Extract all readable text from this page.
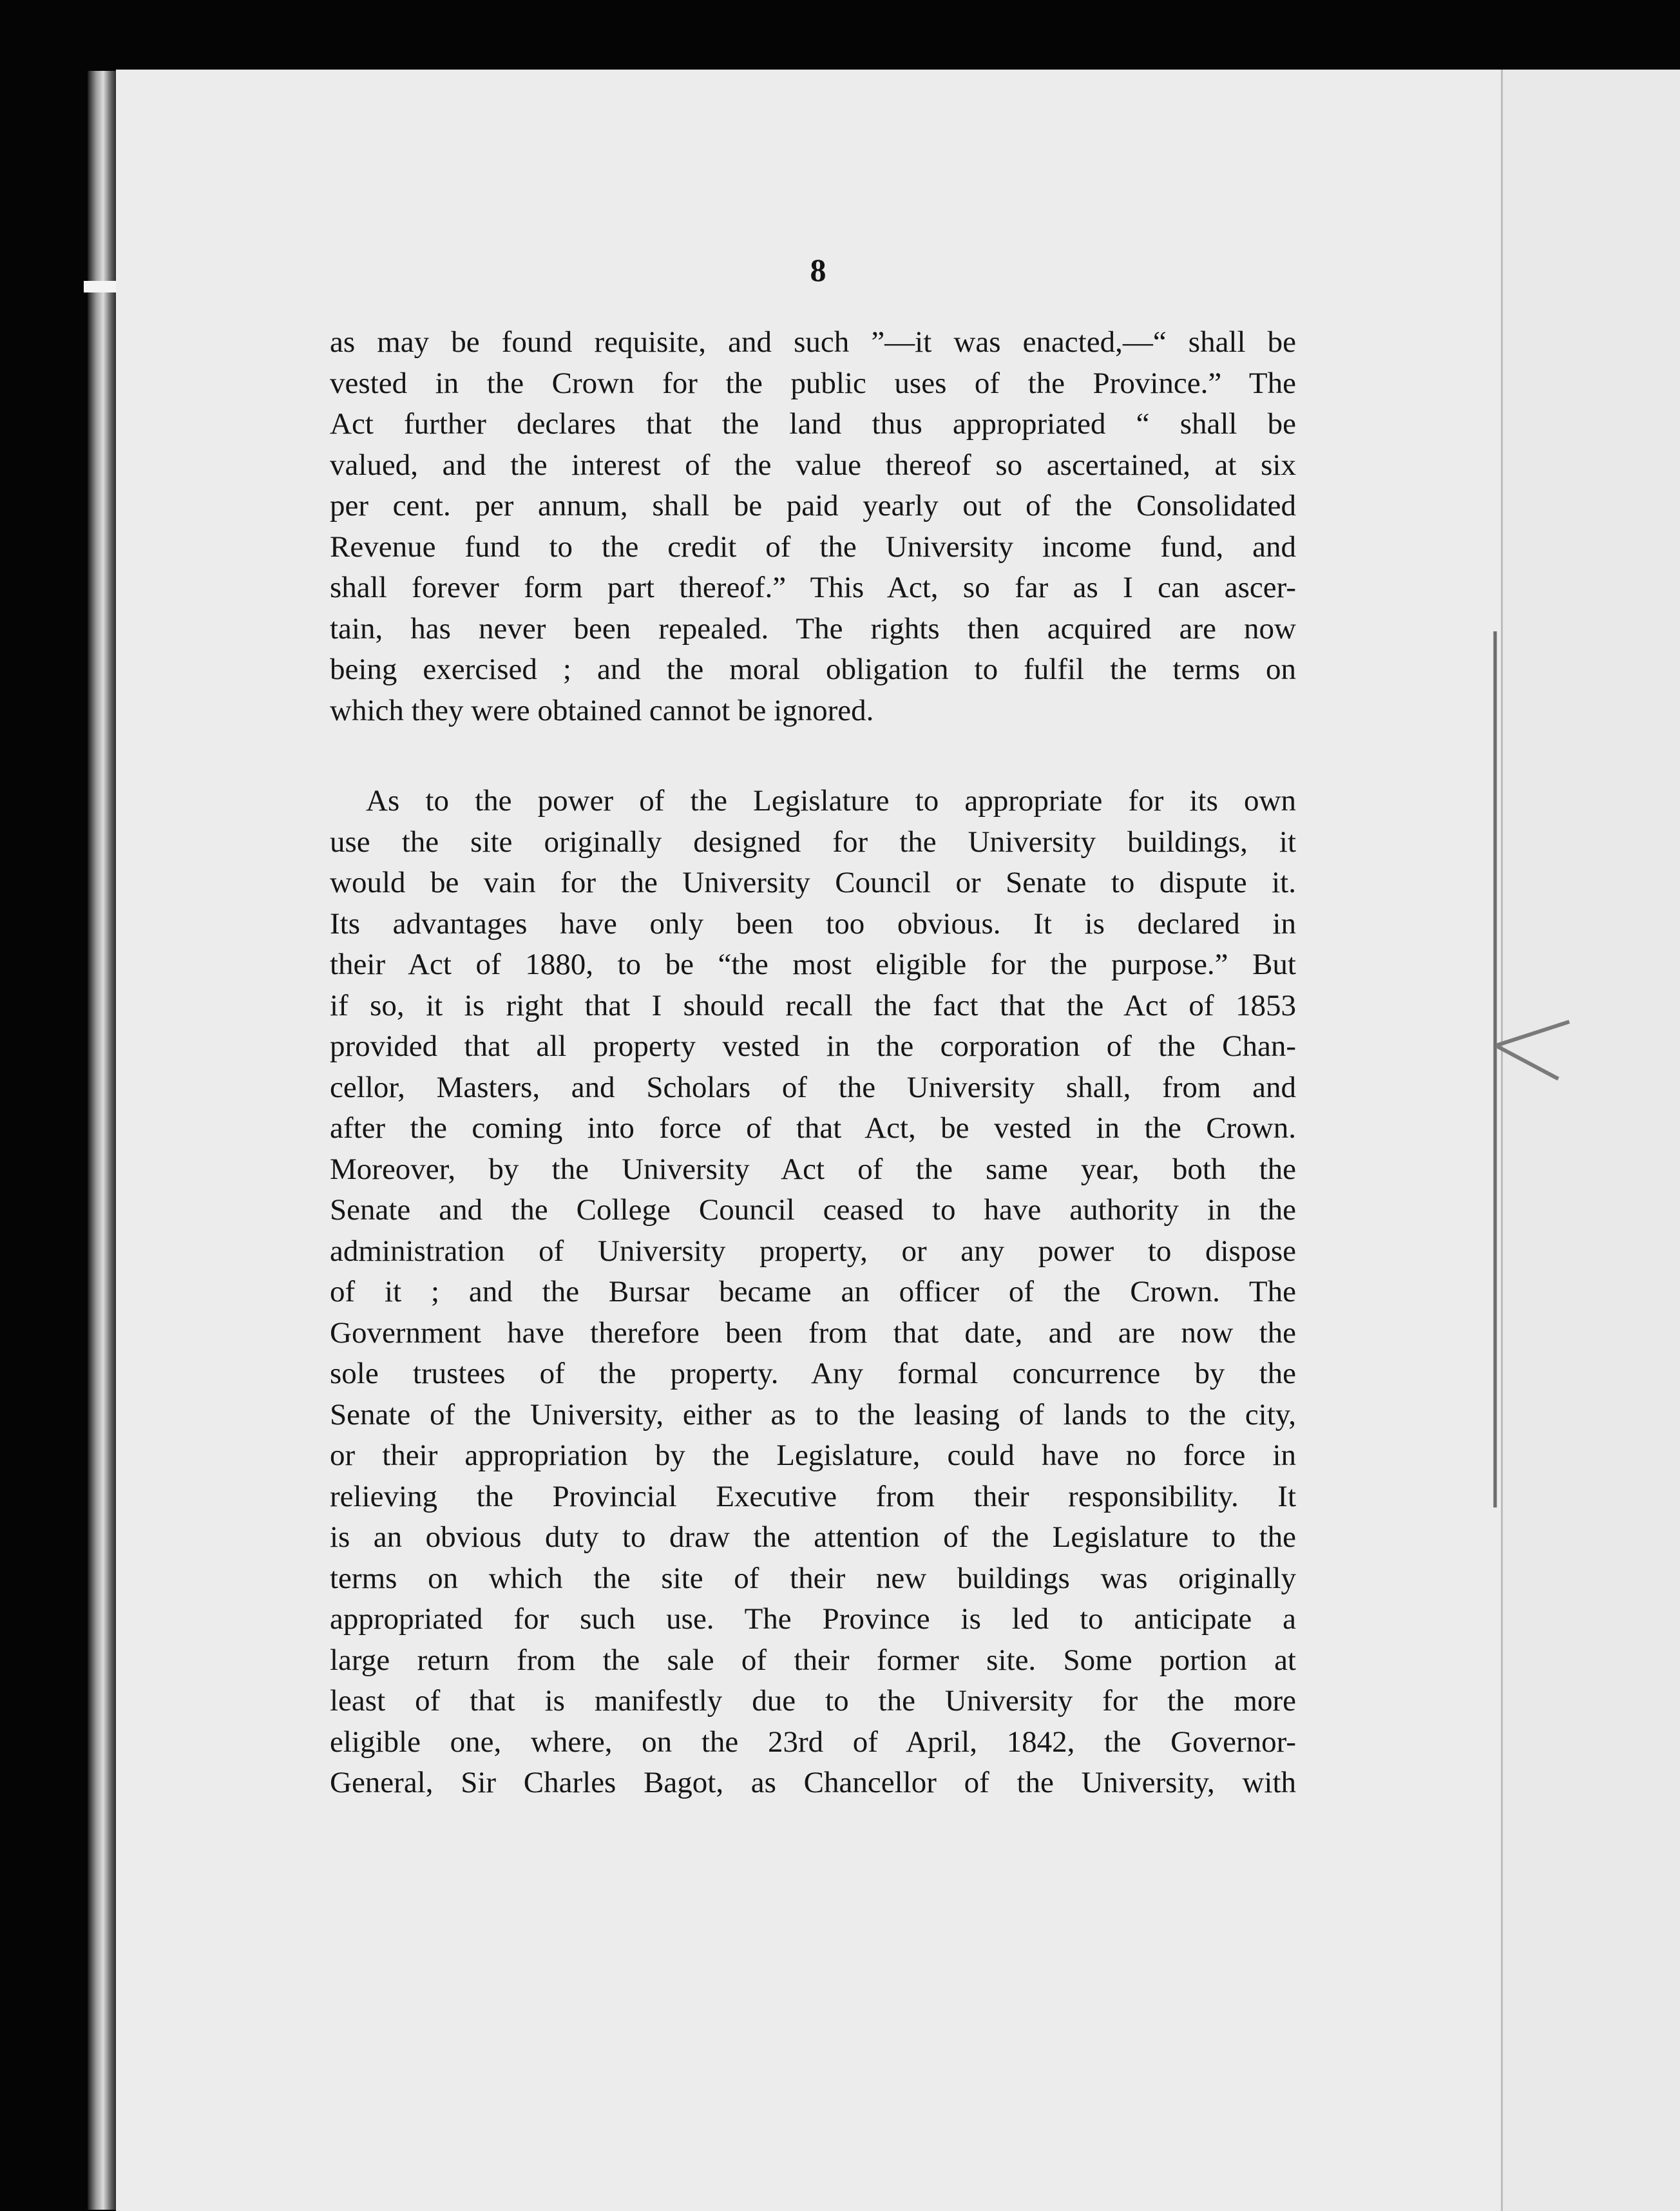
8

as may be found requisite, and such ”—it was enacted,—“ shall be
vested in the Crown for the public uses of the Province.” The
Act further declares that the land thus appropriated “ shall be
valued, and the interest of the value thereof so ascertained, at six
per cent. per annum, shall be paid yearly out of the Consolidated
Revenue fund to the credit of the University income fund, and
shall forever form part thereof.” This Act, so far as I can ascer-
tain, has never been repealed. The rights then acquired are now
being exercised ; and the moral obligation to fulfil the terms on
which they were obtained cannot be ignored.

As to the power of the Legislature to appropriate for its own
use the site originally designed for the University buildings, it
would be vain for the University Council or Senate to dispute it.
Its advantages have only been too obvious. It is declared in
their Act of 1880, to be “the most eligible for the purpose.” But
if so, it is right that I should recall the fact that the Act of 1853
provided that all property vested in the corporation of the Chan-
cellor, Masters, and Scholars of the University shall, from and
after the coming into force of that Act, be vested in the Crown.
Moreover, by the University Act of the same year, both the
Senate and the College Council ceased to have authority in the
administration of University property, or any power to dispose
of it ; and the Bursar became an officer of the Crown. The
Government have therefore been from that date, and are now the
sole trustees of the property. Any formal concurrence by the
Senate of the University, either as to the leasing of lands to the city,
or their appropriation by the Legislature, could have no force in
relieving the Provincial Executive from their responsibility. It
is an obvious duty to draw the attention of the Legislature to the
terms on which the site of their new buildings was originally
appropriated for such use. The Province is led to anticipate a
large return from the sale of their former site. Some portion at
least of that is manifestly due to the University for the more
eligible one, where, on the 23rd of April, 1842, the Governor-
General, Sir Charles Bagot, as Chancellor of the University, with
